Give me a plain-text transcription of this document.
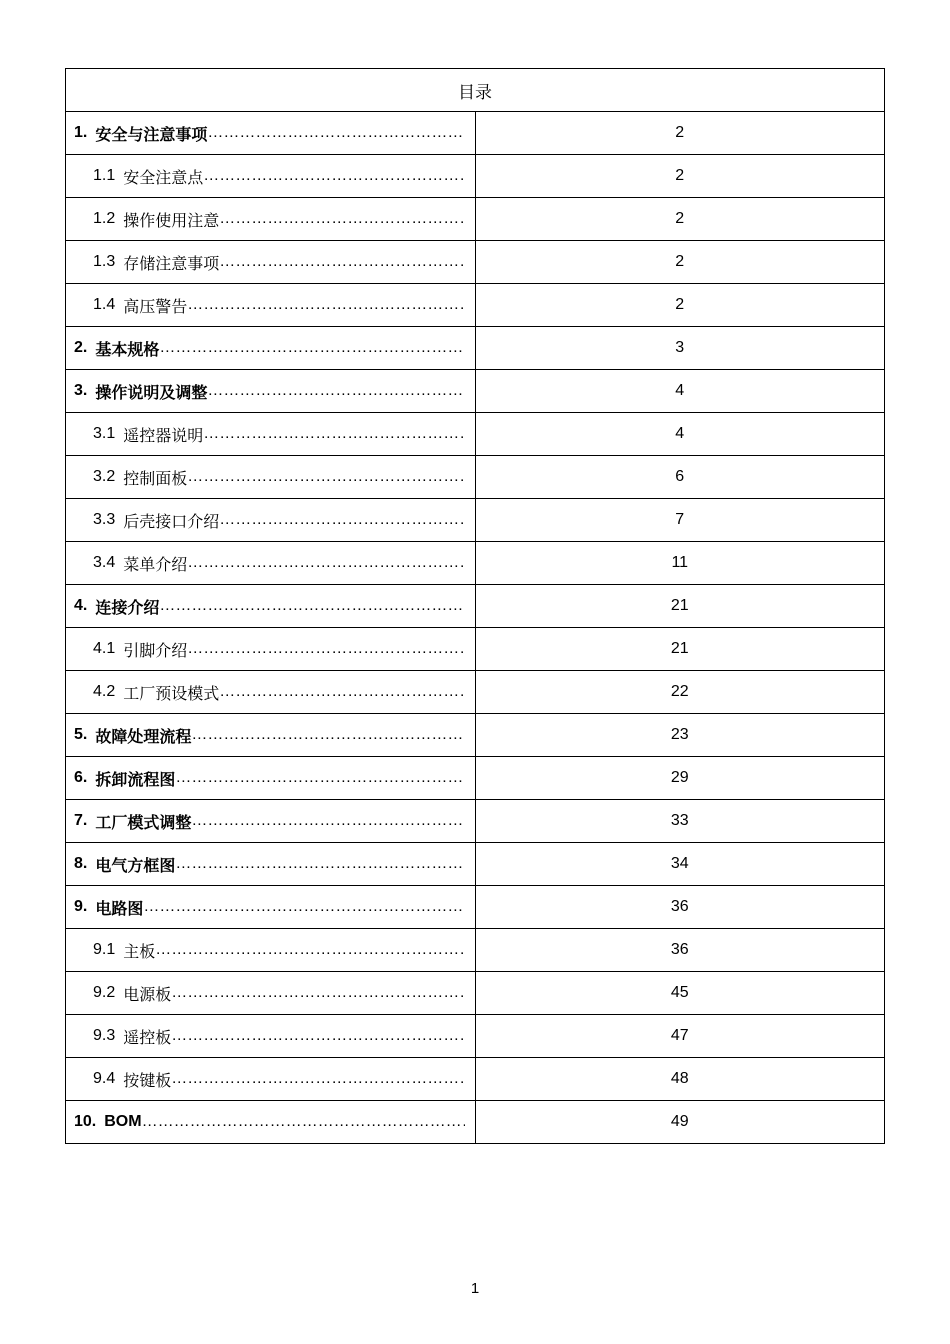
目录	

1. 安全与注意事项
……………………………………………………………………………………………………………………………………………………	2

1.1 安全注意点
……………………………………………………………………………………………………………………………………………………	2

1.2 操作使用注意
……………………………………………………………………………………………………………………………………………………	2

1.3 存储注意事项
……………………………………………………………………………………………………………………………………………………	2

1.4 高压警告
……………………………………………………………………………………………………………………………………………………	2

2. 基本规格
……………………………………………………………………………………………………………………………………………………	3

3. 操作说明及调整
……………………………………………………………………………………………………………………………………………………	4

3.1 遥控器说明
……………………………………………………………………………………………………………………………………………………	4

3.2 控制面板
……………………………………………………………………………………………………………………………………………………	6

3.3 后壳接口介绍
……………………………………………………………………………………………………………………………………………………	7

3.4 菜单介绍
……………………………………………………………………………………………………………………………………………………	11

4. 连接介绍
……………………………………………………………………………………………………………………………………………………	21

4.1 引脚介绍
……………………………………………………………………………………………………………………………………………………	21

4.2 工厂预设模式
……………………………………………………………………………………………………………………………………………………	22

5. 故障处理流程
……………………………………………………………………………………………………………………………………………………	23

6. 拆卸流程图
……………………………………………………………………………………………………………………………………………………	29

7. 工厂模式调整
……………………………………………………………………………………………………………………………………………………	33

8. 电气方框图
……………………………………………………………………………………………………………………………………………………	34

9. 电路图
……………………………………………………………………………………………………………………………………………………	36

9.1 主板
……………………………………………………………………………………………………………………………………………………	36

9.2 电源板
……………………………………………………………………………………………………………………………………………………	45

9.3 遥控板
……………………………………………………………………………………………………………………………………………………	47

9.4 按键板
……………………………………………………………………………………………………………………………………………………	48

10. BOM
……………………………………………………………………………………………………………………………………………………	49
1
